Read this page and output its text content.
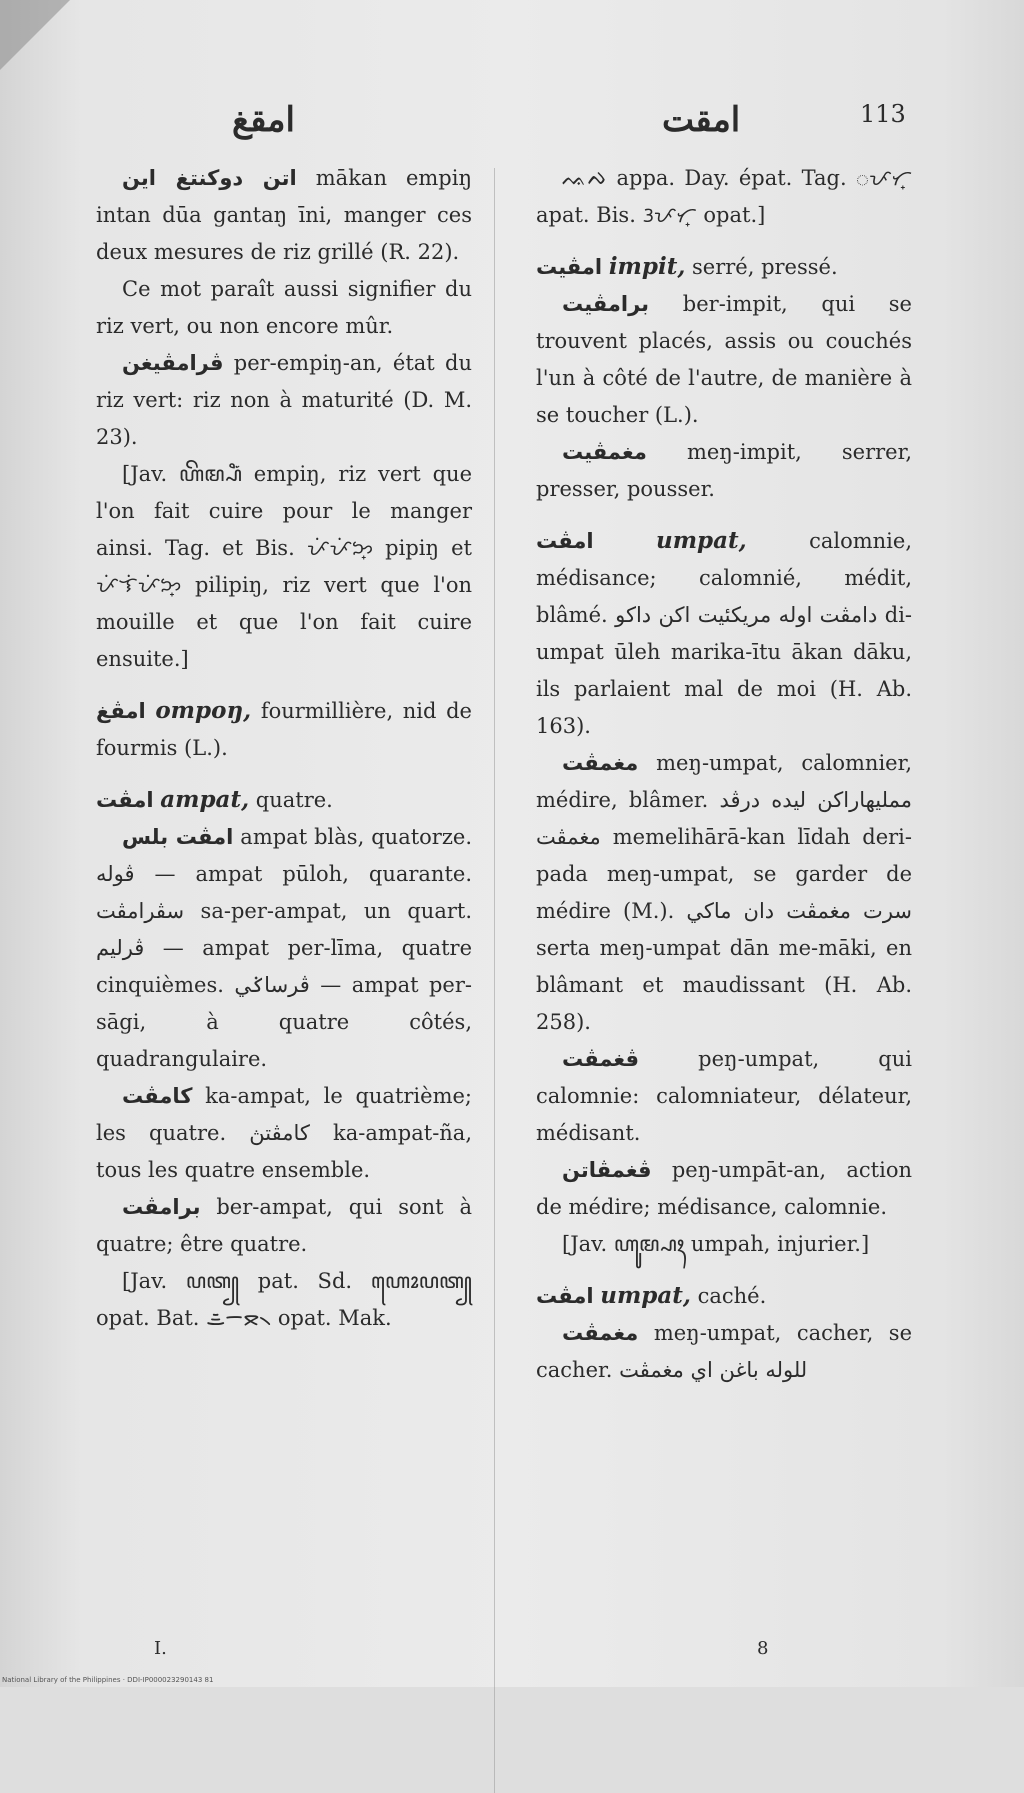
امقغ	امقت	113

اتن دوکنتغ این mākan empiŋ intan dūa gantaŋ īni, manger ces deux mesures de riz grillé (R. 22).

Ce mot paraît aussi signifier du riz vert, ou non encore mûr.

ڤرامڤيغن per-empiŋ-an, état du riz vert: riz non à maturité (D. M. 23).

[Jav. ꦲꦼꦩ꧀ꦥꦶꦁ empiŋ, riz vert que l'on fait cuire pour le manger ainsi. Tag. et Bis. ᜉᜒᜉᜒᜅ᜔ pipiŋ et ᜉᜒᜎᜒᜉᜒᜅ᜔ pilipiŋ, riz vert que l'on mouille et que l'on fait cuire ensuite.]

امڤغ ompoŋ, fourmillière, nid de fourmis (L.).

امڤت ampat, quatre.

امڤت بلس ampat blàs, quatorze. ڤوله — ampat pūloh, quarante. سڤرامڤت sa-per-ampat, un quart. ڤرليم — ampat per-līma, quatre cinquièmes. ڤرساݢي — ampat per-sāgi, à quatre côtés, quadrangulaire.

کامڤت ka-ampat, le quatrième; les quatre. کامڤتڽ ka-ampat-ña, tous les quatre ensemble.

برامڤت ber-ampat, qui sont à quatre; être quatre.

[Jav. ꦥꦠ꧀ pat. Sd. ꦲꦺꦴꦥꦠ꧀ opat. Bat. ᯥᯇᯖ᯲ opat. Mak.

ᨕᨄ appa. Day. épat. Tag. ᜀᜉᜆ᜔ apat. Bis. ᜂᜉᜆ᜔ opat.]

امڤيت impit, serré, pressé.

برامڤيت ber-impit, qui se trouvent placés, assis ou couchés l'un à côté de l'autre, de manière à se toucher (L.).

مغمڤيت meŋ-impit, serrer, presser, pousser.

امڤت	umpat, calomnie, médisance; calomnié, médit, blâmé. دامڤت اوله مريکئيت اکن داکو di-umpat ūleh marika-ītu ākan dāku, ils parlaient mal de moi (H. Ab. 163).

مغمڤت meŋ-umpat, calomnier, médire, blâmer. ممليهاراکن ليده درڤد مغمڤت memelihārā-kan līdah deri-pada meŋ-umpat, se garder de médire (M.). سرت مغمڤت دان ماکي serta meŋ-umpat dān me-māki, en blâmant et maudissant (H. Ab. 258).

ڤغمڤت	peŋ-umpat, qui calomnie: calomniateur, délateur, médisant.

ڤغمڤاتن peŋ-umpāt-an, action de médire; médisance, calomnie.

[Jav. ꦲꦸꦩ꧀ꦥꦃ umpah, injurier.]

امڤت umpat, caché.

مغمڤت meŋ-umpat, cacher, se cacher. للوله باغن اي مغمڤت

I.	8
National Library of the Philippines · DDI-IP000023290143 81
